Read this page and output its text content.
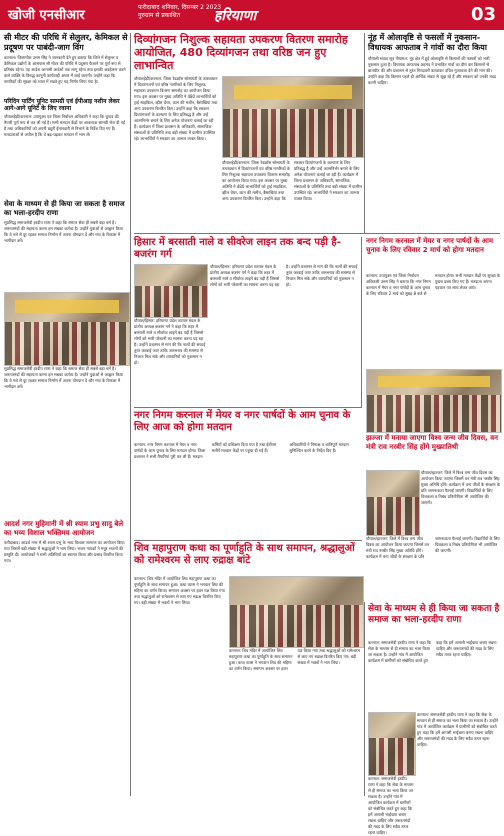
खोजी एनसीआर
फरीदाबाद शनिवार, दिसम्बर 2 2023
गुरुग्राम से प्रकाशित	हरियाणा	03
सी मीटर की परिधि में सेलुलर, केमिकल से प्रदूषण पर पाबंदी-जाग विंग
करनाल। जिलाधीश उत्तम सिंह ने जानकारी देते हुए बताया कि जिले में सेलुलर व केमिकल उद्योगों के आसपास सौ मीटर की परिधि में प्रदूषण फैलाने पर पूर्ण रूप से प्रतिबंध रहेगा। यह आदेश आगामी आदेशों तक लागू रहेगा तथा इसकी अवहेलना करने वाले व्यक्ति के विरुद्ध कानूनी कार्यवाही अमल में लाई जाएगी। उन्होंने कहा कि नागरिकों की सुरक्षा को ध्यान में रखते हुए यह निर्णय लिया गया है।
परिदिन पार्टिंग यूनिट सामग्री एवं ईपीआइ नशीन लेकर आगे-आगे यूनिटें के लिए रवाना
चौपालहेड़ी/करनाल: उपायुक्त एवं जिला निर्वाचन अधिकारी ने कहा कि चुनाव की तैयारी पूर्ण रूप से कर ली गई है। सभी मतदान केंद्रों पर आवश्यक सामग्री भेज दी गई है तथा अधिकारियों को अपनी ड्यूटी ईमानदारी से निभाने के निर्देश दिए गए हैं। मतदाताओं से अपील है कि वे बढ़-चढ़कर मतदान में भाग लें।
सेवा के माध्यम से ही किया जा सकता है समाज का भला-हरदीप राणा
सुप्रसिद्ध समाजसेवी हरदीप राणा ने कहा कि समाज सेवा ही सबसे बड़ा धर्म है। जरूरतमंदों की सहायता करना हम सबका कर्तव्य है। उन्होंने युवाओं से आह्वान किया कि वे नशे से दूर रहकर समाज निर्माण में अपना योगदान दें और गांव के विकास में भागीदार बनें।
सुप्रसिद्ध समाजसेवी हरदीप राणा ने कहा कि समाज सेवा ही सबसे बड़ा धर्म है। जरूरतमंदों की सहायता करना हम सबका कर्तव्य है। उन्होंने युवाओं से आह्वान किया कि वे नशे से दूर रहकर समाज निर्माण में अपना योगदान दें और गांव के विकास में भागीदार बनें।
आदर्श नगर मुहिमानी में श्री श्याम प्रभु सादु बेले का भव्य विशाल भक्तिमय आयोजन
फरीदाबाद। आदर्श नगर में श्री श्याम प्रभु के भव्य विशाल जागरण का आयोजन किया गया जिसमें बड़ी संख्या में श्रद्धालुओं ने भाग लिया। भजन गायकों ने मधुर भजनों की प्रस्तुति दी। आयोजकों ने सभी अतिथियों का स्वागत किया और प्रसाद वितरित किया गया।
दिव्यांगजन निशुल्क सहायता उपकरण वितरण समारोह आयोजित, 480 दिव्यांगजन तथा वरिष्ठ जन हुए लाभान्वित
चौपालहेड़ी/करनाल: जिला रेडक्रॉस सोसायटी के तत्वावधान में दिव्यांगजनों एवं वरिष्ठ नागरिकों के लिए निशुल्क सहायता उपकरण वितरण समारोह का आयोजन किया गया। इस अवसर पर मुख्य अतिथि ने 480 लाभार्थियों को ट्राई साइकिल, व्हील चेयर, कान की मशीन, बैसाखियां तथा अन्य उपकरण वितरित किए। उन्होंने कहा कि सरकार दिव्यांगजनों के कल्याण के लिए प्रतिबद्ध है और उन्हें आत्मनिर्भर बनाने के लिए अनेक योजनाएं चलाई जा रही हैं। कार्यक्रम में जिला प्रशासन के अधिकारी, सामाजिक संस्थाओं के प्रतिनिधि तथा बड़ी संख्या में ग्रामीण उपस्थित रहे। लाभार्थियों ने सरकार का आभार व्यक्त किया।
चौपालहेड़ी/करनाल: जिला रेडक्रॉस सोसायटी के तत्वावधान में दिव्यांगजनों एवं वरिष्ठ नागरिकों के लिए निशुल्क सहायता उपकरण वितरण समारोह का आयोजन किया गया। इस अवसर पर मुख्य अतिथि ने 480 लाभार्थियों को ट्राई साइकिल, व्हील चेयर, कान की मशीन, बैसाखियां तथा अन्य उपकरण वितरित किए। उन्होंने कहा कि सरकार दिव्यांगजनों के कल्याण के लिए प्रतिबद्ध है और उन्हें आत्मनिर्भर बनाने के लिए अनेक योजनाएं चलाई जा रही हैं। कार्यक्रम में जिला प्रशासन के अधिकारी, सामाजिक संस्थाओं के प्रतिनिधि तथा बड़ी संख्या में ग्रामीण उपस्थित रहे। लाभार्थियों ने सरकार का आभार व्यक्त किया।
नूंह में ओलावृष्टि से फसलों में नुकसान-विधायक आफताब ने गांवों का दौरा किया
चौपाली संवाद सूत्र नीयामत: नूंह क्षेत्र में हुई ओलावृष्टि से किसानों की फसलों को भारी नुकसान हुआ है। विधायक आफताब अहमद ने प्रभावित गांवों का दौरा कर किसानों से बातचीत की और प्रशासन से तुरंत गिरदावरी करवाकर उचित मुआवजा देने की मांग की। उन्होंने कहा कि किसान पहले ही आर्थिक संकट से जूझ रहे हैं और सरकार को उनकी मदद करनी चाहिए।
हिसार में बरसाती नाले व सीवरेज लाइन तक बन्द पड़ी है- बजरंग गर्ग
चौपाल/हिसार: हरियाणा प्रदेश व्यापार मंडल के प्रांतीय अध्यक्ष बजरंग गर्ग ने कहा कि शहर में बरसाती नाले व सीवरेज लाइनें बंद पड़ी हैं जिससे लोगों को भारी परेशानी का सामना करना पड़ रहा है। उन्होंने प्रशासन से मांग की कि नालों की सफाई तुरंत करवाई जाए ताकि जलभराव की समस्या से निजात मिल सके और व्यापारियों को नुकसान न हो।
चौपाल/हिसार: हरियाणा प्रदेश व्यापार मंडल के प्रांतीय अध्यक्ष बजरंग गर्ग ने कहा कि शहर में बरसाती नाले व सीवरेज लाइनें बंद पड़ी हैं जिससे लोगों को भारी परेशानी का सामना करना पड़ रहा है। उन्होंने प्रशासन से मांग की कि नालों की सफाई तुरंत करवाई जाए ताकि जलभराव की समस्या से निजात मिल सके और व्यापारियों को नुकसान न हो।
नगर निगम करनाल में मेयर व नगर पार्षदों के आम चुनाव के लिए रविवार 2 मार्च को होगा मतदान
करनाल: उपायुक्त एवं जिला निर्वाचन अधिकारी उत्तम सिंह ने बताया कि नगर निगम करनाल में मेयर व नगर पार्षदों के आम चुनाव के लिए रविवार 2 मार्च को सुबह 8 बजे से मतदान होगा। सभी मतदान केंद्रों पर सुरक्षा के पुख्ता प्रबंध किए गए हैं। मतदाता अपना पहचान पत्र साथ लेकर आएं।
नगर निगम करनाल में मेयर व नगर पार्षदों के आम चुनाव के लिए आज को होगा मतदान
करनाल: नगर निगम करनाल में मेयर व नगर पार्षदों के आम चुनाव के लिए मतदान होगा। जिला प्रशासन ने सभी तैयारियां पूरी कर ली हैं। मतदान कर्मियों को प्रशिक्षण दिया गया है तथा ईवीएम मशीनें मतदान केंद्रों पर पहुंचा दी गई हैं। अधिकारियों ने निष्पक्ष व शांतिपूर्ण मतदान सुनिश्चित करने के निर्देश दिए हैं।
झज्जा में मनाया जाएगा विश्व जन्म जीव दिवस, वन मंत्री राव नरबीर सिंह होंगे मुख्यातिथी
चौपाल/झज्जर: जिले में विश्व वन्य जीव दिवस का आयोजन किया जाएगा जिसमें वन मंत्री राव नरबीर सिंह मुख्य अतिथि होंगे। कार्यक्रम में वन्य जीवों के संरक्षण के प्रति जागरूकता फैलाई जाएगी। विद्यार्थियों के लिए चित्रकला व निबंध प्रतियोगिता भी आयोजित की जाएगी।
चौपाल/झज्जर: जिले में विश्व वन्य जीव दिवस का आयोजन किया जाएगा जिसमें वन मंत्री राव नरबीर सिंह मुख्य अतिथि होंगे। कार्यक्रम में वन्य जीवों के संरक्षण के प्रति जागरूकता फैलाई जाएगी। विद्यार्थियों के लिए चित्रकला व निबंध प्रतियोगिता भी आयोजित की जाएगी।
शिव महापुराण कथा का पूर्णाहुति के साथ समापन, श्रद्धालुओं को रामेश्वरम से लाए रुद्राक्ष बांटे
करनाल: शिव मंदिर में आयोजित शिव महापुराण कथा का पूर्णाहुति के साथ समापन हुआ। कथा व्यास ने भगवान शिव की महिमा का वर्णन किया। समापन अवसर पर हवन यज्ञ किया गया तथा श्रद्धालुओं को रामेश्वरम से लाए गए रुद्राक्ष वितरित किए गए। बड़ी संख्या में भक्तों ने भाग लिया।
करनाल: शिव मंदिर में आयोजित शिव महापुराण कथा का पूर्णाहुति के साथ समापन हुआ। कथा व्यास ने भगवान शिव की महिमा का वर्णन किया। समापन अवसर पर हवन यज्ञ किया गया तथा श्रद्धालुओं को रामेश्वरम से लाए गए रुद्राक्ष वितरित किए गए। बड़ी संख्या में भक्तों ने भाग लिया।
सेवा के माध्यम से ही किया जा सकता है समाज का भला-हरदीप राणा
करनाल: समाजसेवी हरदीप राणा ने कहा कि सेवा के माध्यम से ही समाज का भला किया जा सकता है। उन्होंने गांव में आयोजित कार्यक्रम में ग्रामीणों को संबोधित करते हुए कहा कि हमें आपसी भाईचारा बनाए रखना चाहिए और जरूरतमंदों की मदद के लिए सदैव तत्पर रहना चाहिए।
करनाल: समाजसेवी हरदीप राणा ने कहा कि सेवा के माध्यम से ही समाज का भला किया जा सकता है। उन्होंने गांव में आयोजित कार्यक्रम में ग्रामीणों को संबोधित करते हुए कहा कि हमें आपसी भाईचारा बनाए रखना चाहिए और जरूरतमंदों की मदद के लिए सदैव तत्पर रहना चाहिए।
करनाल: समाजसेवी हरदीप राणा ने कहा कि सेवा के माध्यम से ही समाज का भला किया जा सकता है। उन्होंने गांव में आयोजित कार्यक्रम में ग्रामीणों को संबोधित करते हुए कहा कि हमें आपसी भाईचारा बनाए रखना चाहिए और जरूरतमंदों की मदद के लिए सदैव तत्पर रहना चाहिए।
